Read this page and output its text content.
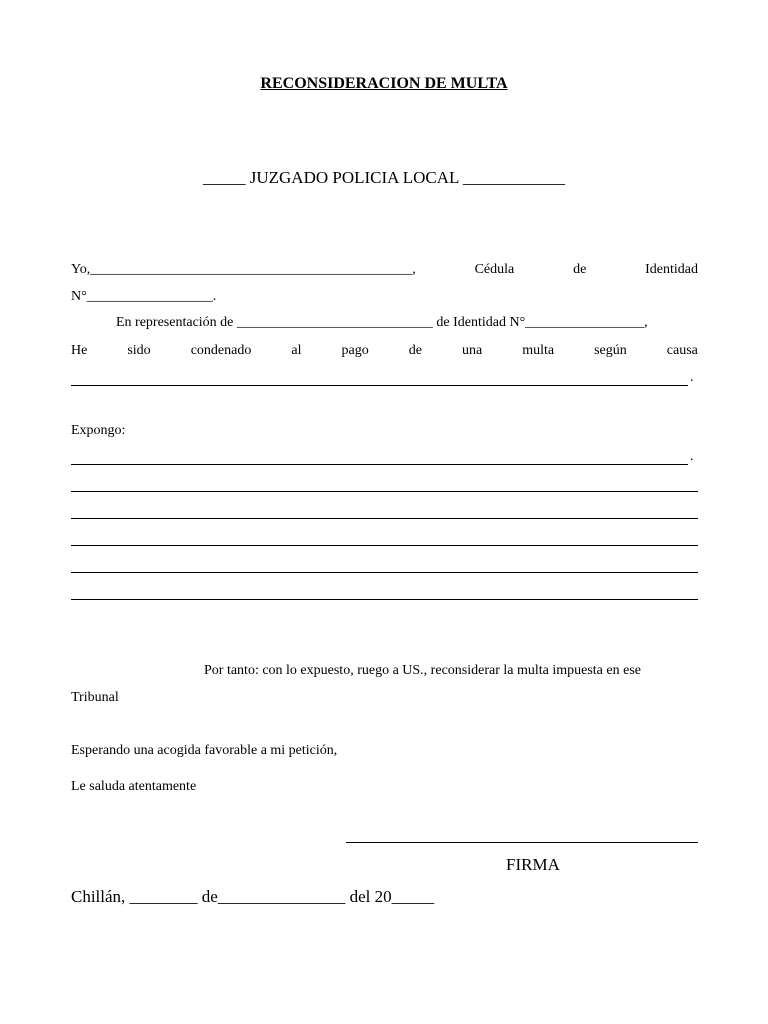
RECONSIDERACION DE MULTA
_____ JUZGADO POLICIA LOCAL ____________
Yo,______________________________________________,	Cédula	de	Identidad
N°__________________.
En representación de ____________________________ de Identidad N°_________________,
He	sido	condenado	al	pago	de	una	multa	según	causa
.
Expongo:
.
Por tanto: con lo expuesto, ruego a US., reconsiderar la multa impuesta en ese
Tribunal
Esperando una acogida favorable a mi petición,
Le saluda atentamente
FIRMA
Chillán, ________ de_______________ del 20_____
